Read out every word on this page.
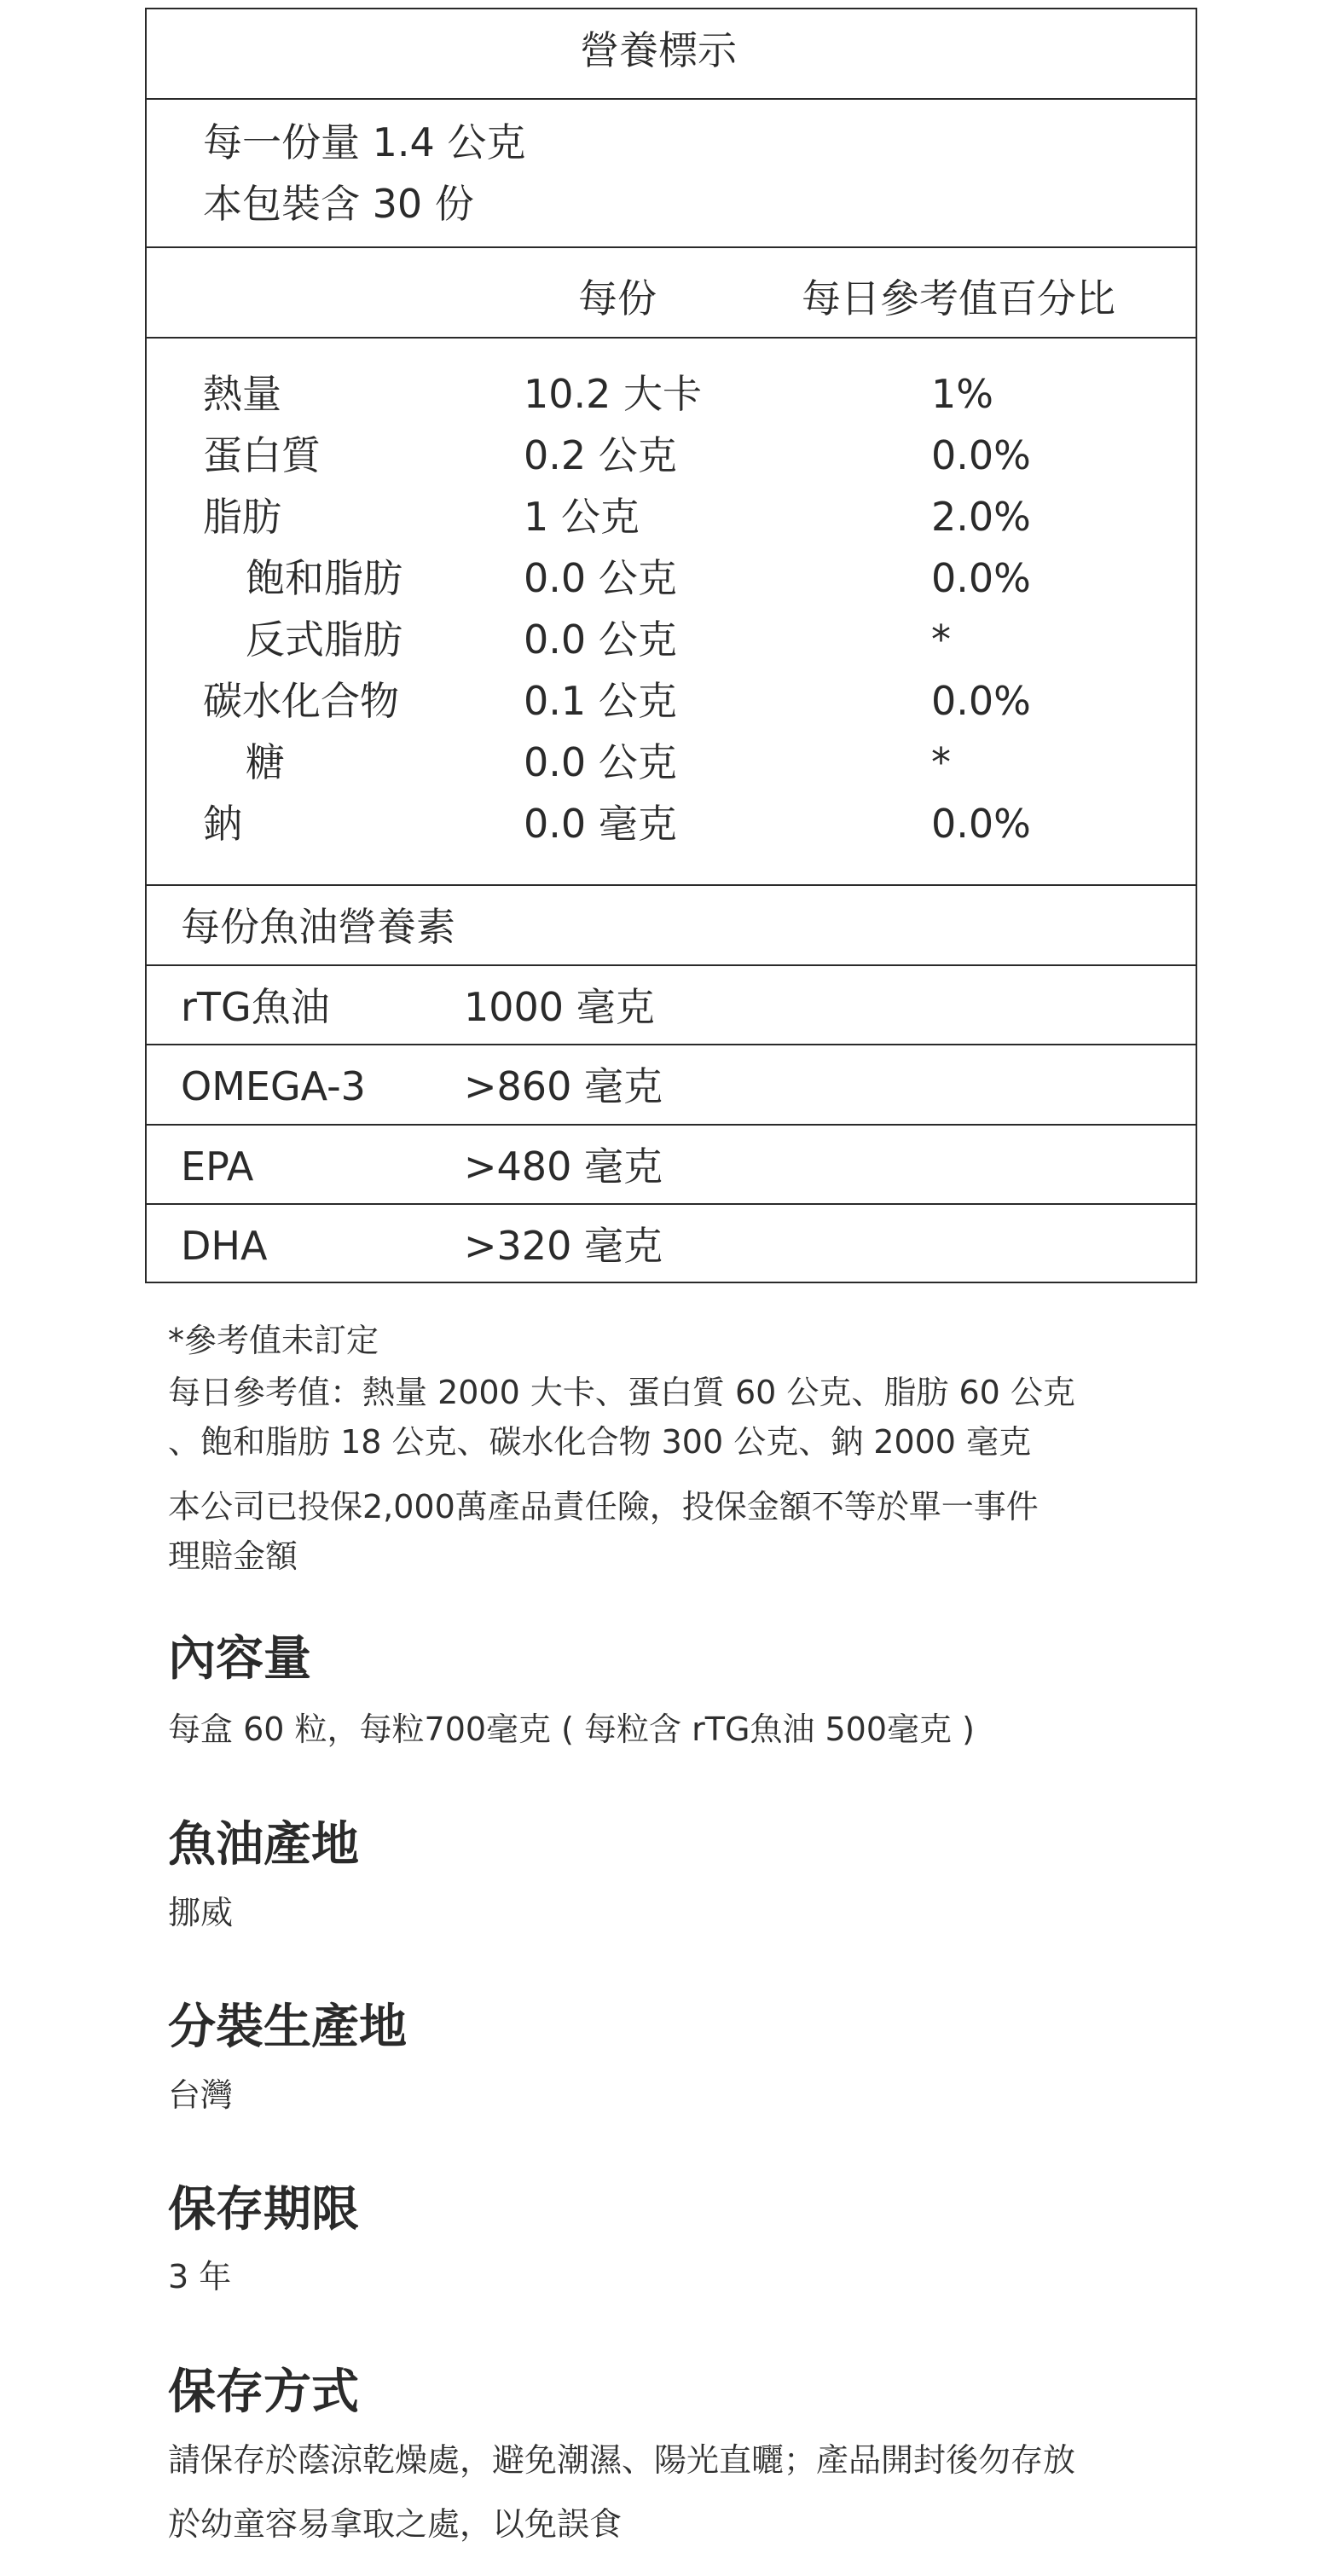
營養標示
每一份量 1.4 公克
本包裝含 30 份
每份	每日參考值百分比
熱量	10.2 大卡	1%
蛋白質	0.2 公克	0.0%
脂肪	1 公克	2.0%
飽和脂肪	0.0 公克	0.0%
反式脂肪	0.0 公克	*
碳水化合物	0.1 公克	0.0%
糖	0.0 公克	*
鈉	0.0 毫克	0.0%
每份魚油營養素
rTG魚油	1000 毫克
OMEGA-3	>860 毫克
EPA	>480 毫克
DHA	>320 毫克
*參考值未訂定
每日參考值：熱量 2000 大卡、蛋白質 60 公克、脂肪 60 公克
、飽和脂肪 18 公克、碳水化合物 300 公克、鈉 2000 毫克
本公司已投保2,000萬產品責任險，投保金額不等於單一事件
理賠金額
內容量
每盒 60 粒，每粒700毫克 ( 每粒含 rTG魚油 500毫克 )
魚油產地
挪威
分裝生產地
台灣
保存期限
3 年
保存方式
請保存於蔭涼乾燥處，避免潮濕、陽光直曬；產品開封後勿存放
於幼童容易拿取之處，以免誤食
